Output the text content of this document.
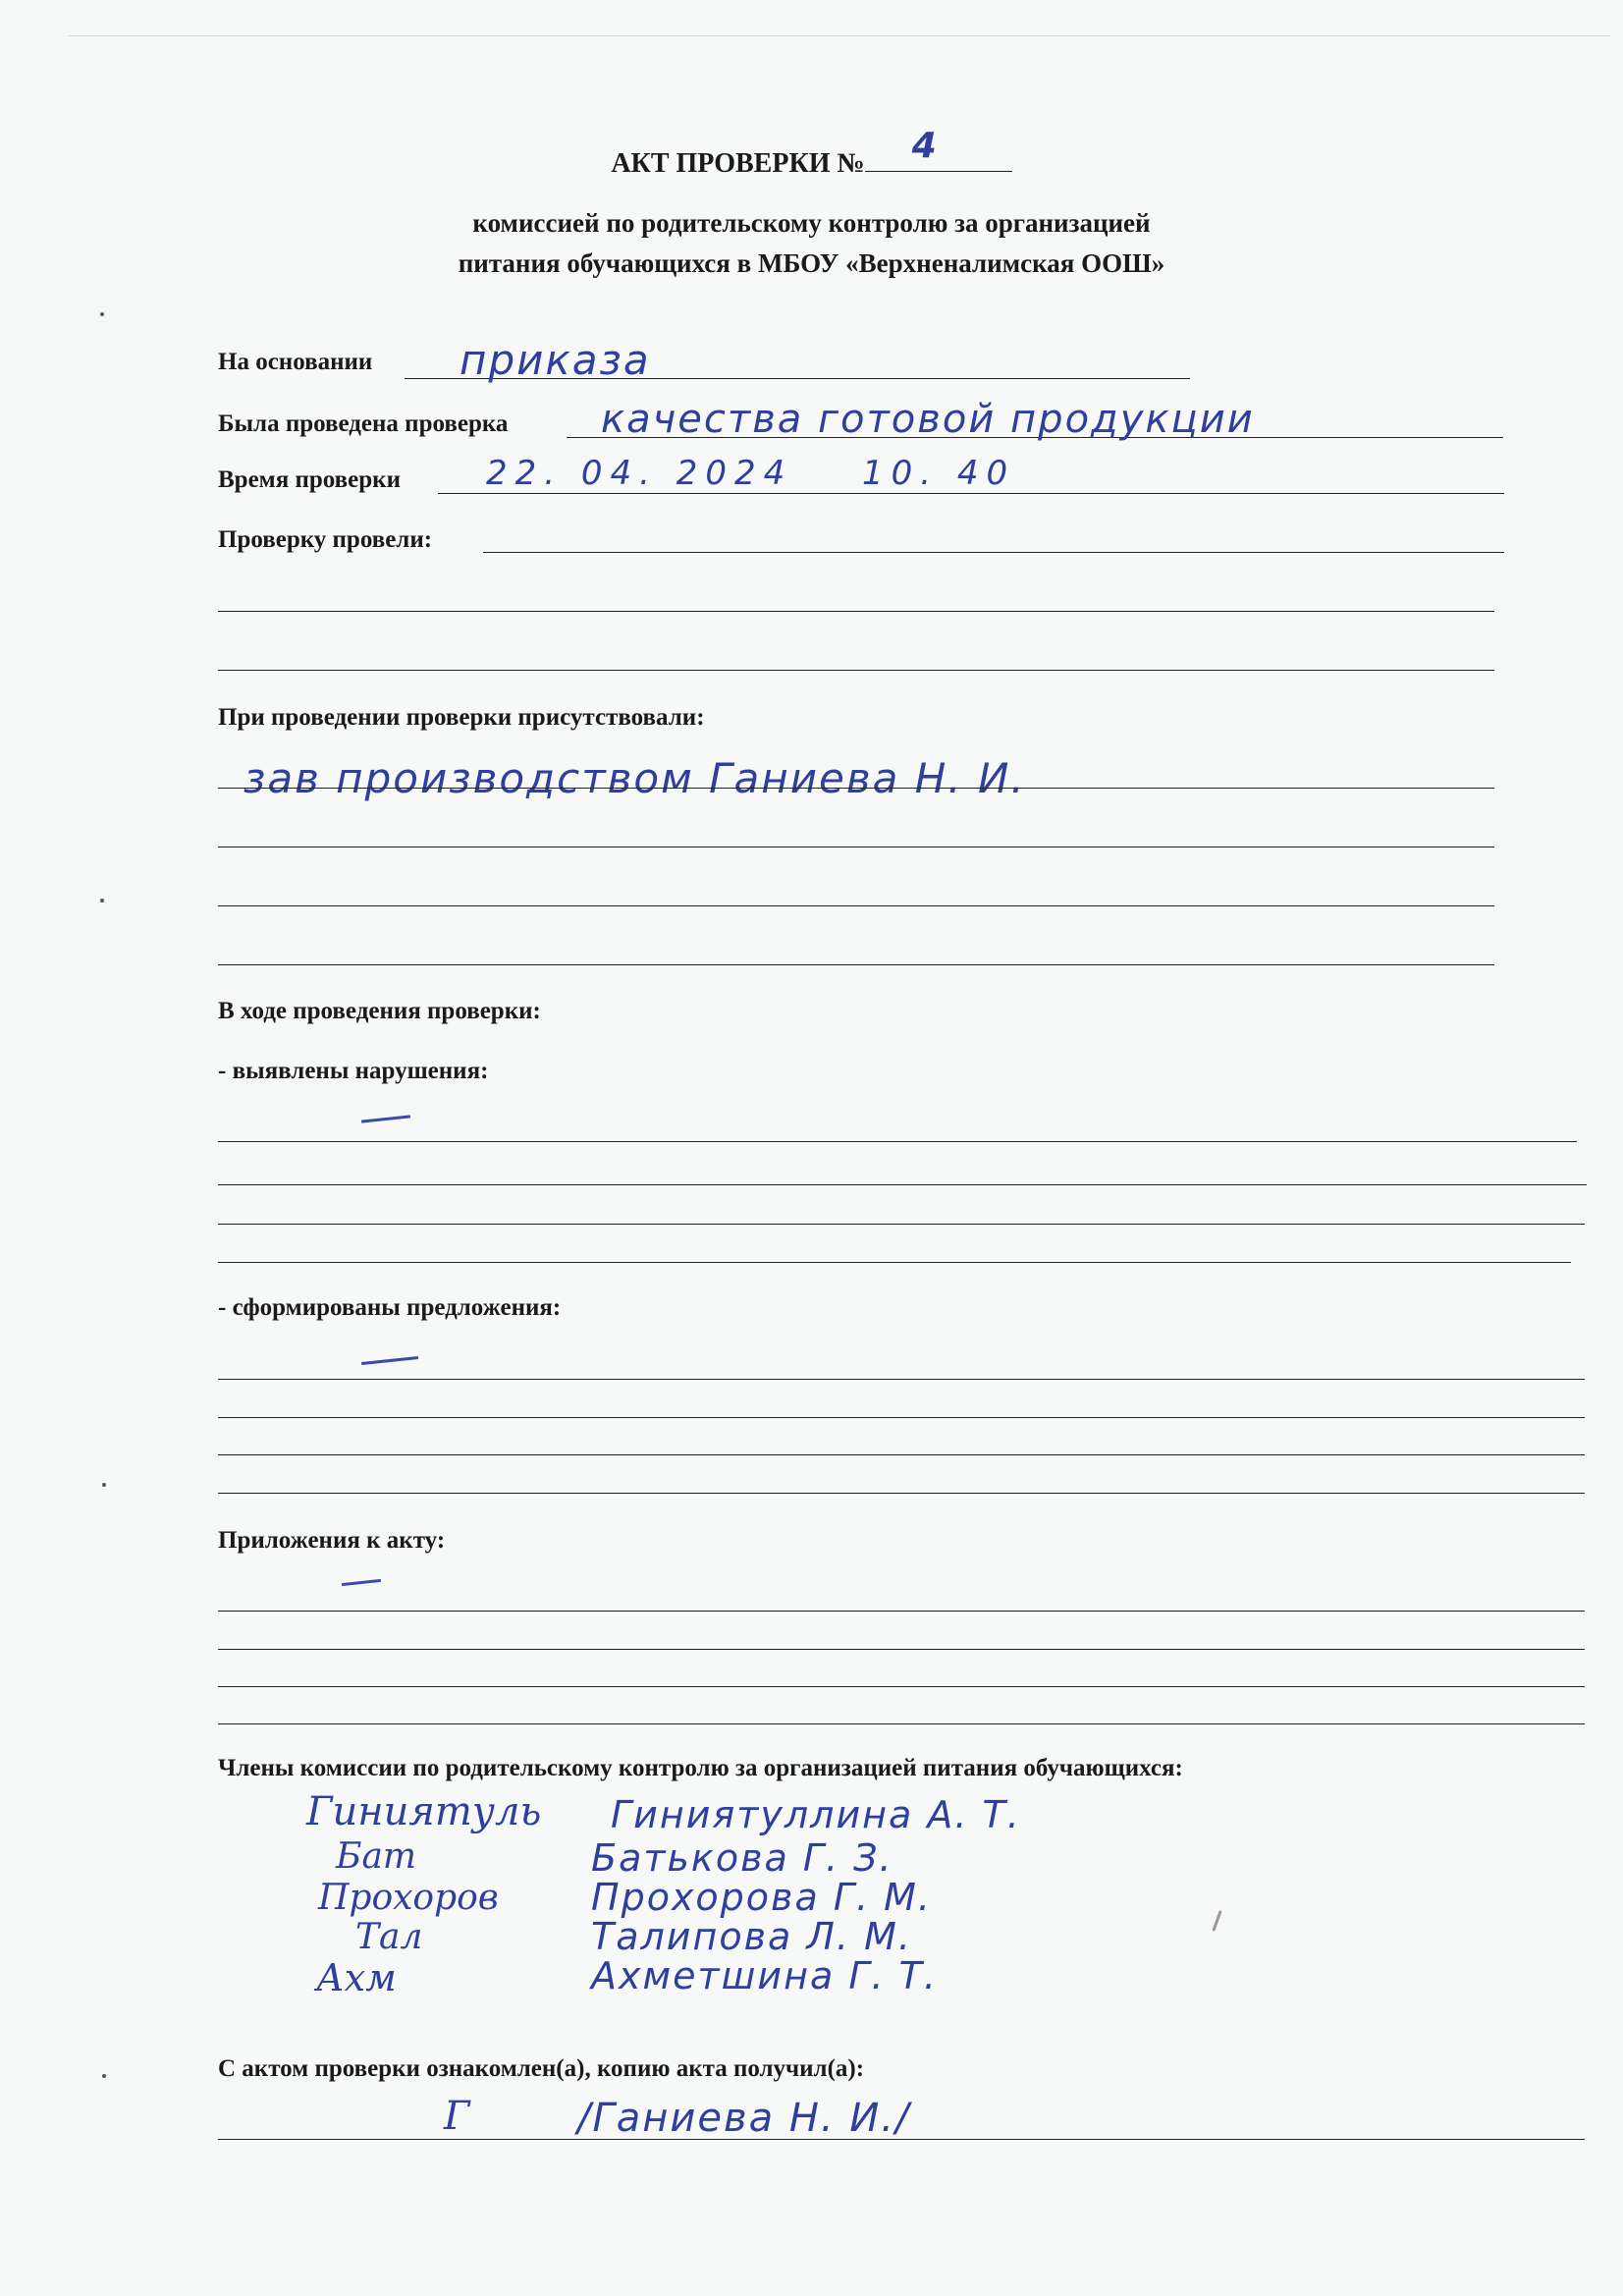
АКТ ПРОВЕРКИ № 4
комиссией по родительскому контролю за организацией
питания обучающихся в МБОУ «Верхненалимская ООШ»
На основании приказа
Была проведена проверка качества готовой продукции
Время проверки	22. 04. 2024 10. 40
Проверку провели:
При проведении проверки присутствовали:
зав производством Ганиева Н. И.
В ходе проведения проверки:
- выявлены нарушения:
- сформированы предложения:
Приложения к акту:
Члены комиссии по родительскому контролю за организацией питания обучающихся:
Гиниятуль Гиниятуллина А. Т.
Бат	Батькова Г. З.
Прохоров Прохорова Г. М.
Тал	Талипова Л. М.
Ахм	Ахметшина Г. Т.
С актом проверки ознакомлен(а), копию акта получил(а):
Г	/Ганиева Н. И./
